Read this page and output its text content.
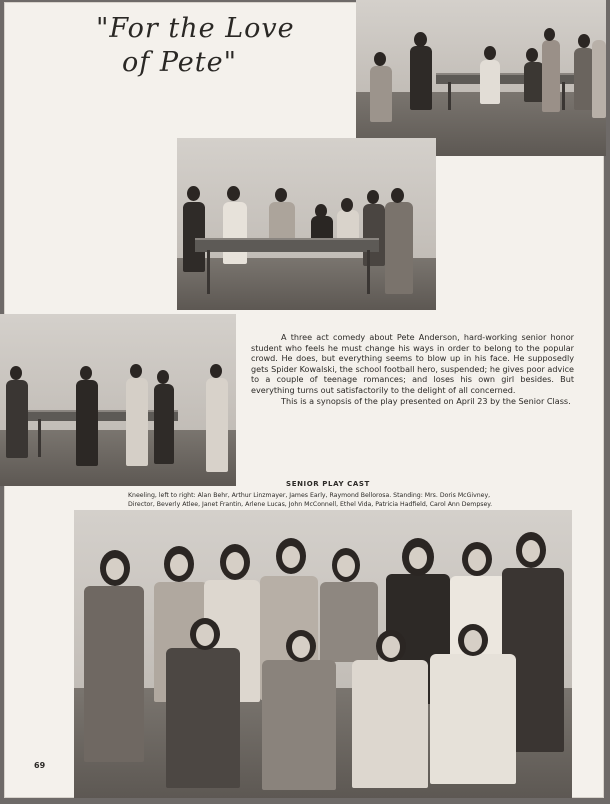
"For the Love
of Pete"

A three act comedy about Pete Anderson, hard-working senior honor student who feels he must change his ways in order to belong to the popular crowd. He does, but everything seems to blow up in his face. He supposedly gets Spider Kowalski, the school football hero, suspended; he gives poor advice to a couple of teenage romances; and loses his own girl besides. But everything turns out satisfactorily to the delight of all concerned.

This is a synopsis of the play presented on April 23 by the Senior Class.

SENIOR PLAY CAST
Kneeling, left to right: Alan Behr, Arthur Linzmayer, James Early, Raymond Bellorosa. Standing: Mrs. Doris McGivney, Director, Beverly Atlee, Janet Frantin, Arlene Lucas, John McConnell, Ethel Vida, Patricia Hadfield, Carol Ann Dempsey.
69
